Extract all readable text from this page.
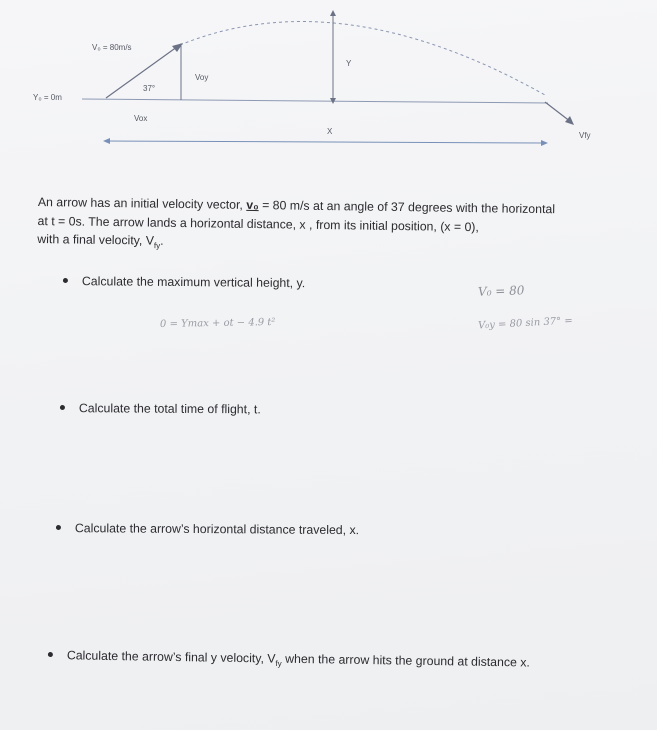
V₀ = 80m/s
Y₀ = 0m
37°
Voy
Vox
Y
X	Vfy
An arrow has an initial velocity vector, v₀ = 80 m/s at an angle of 37 degrees with the horizontal
at t = 0s. The arrow lands a horizontal distance, x , from its initial position, (x = 0),
with a final velocity, $V_{fy}$.
Calculate the maximum vertical height, y.
V₀ = 80
0 = Ymax + ot − 4.9 t²	V₀y = 80 sin 37° =
Calculate the total time of flight, t.
Calculate the arrow’s horizontal distance traveled, x.
Calculate the arrow’s final y velocity, $V_{fy}$ when the arrow hits the ground at distance x.
